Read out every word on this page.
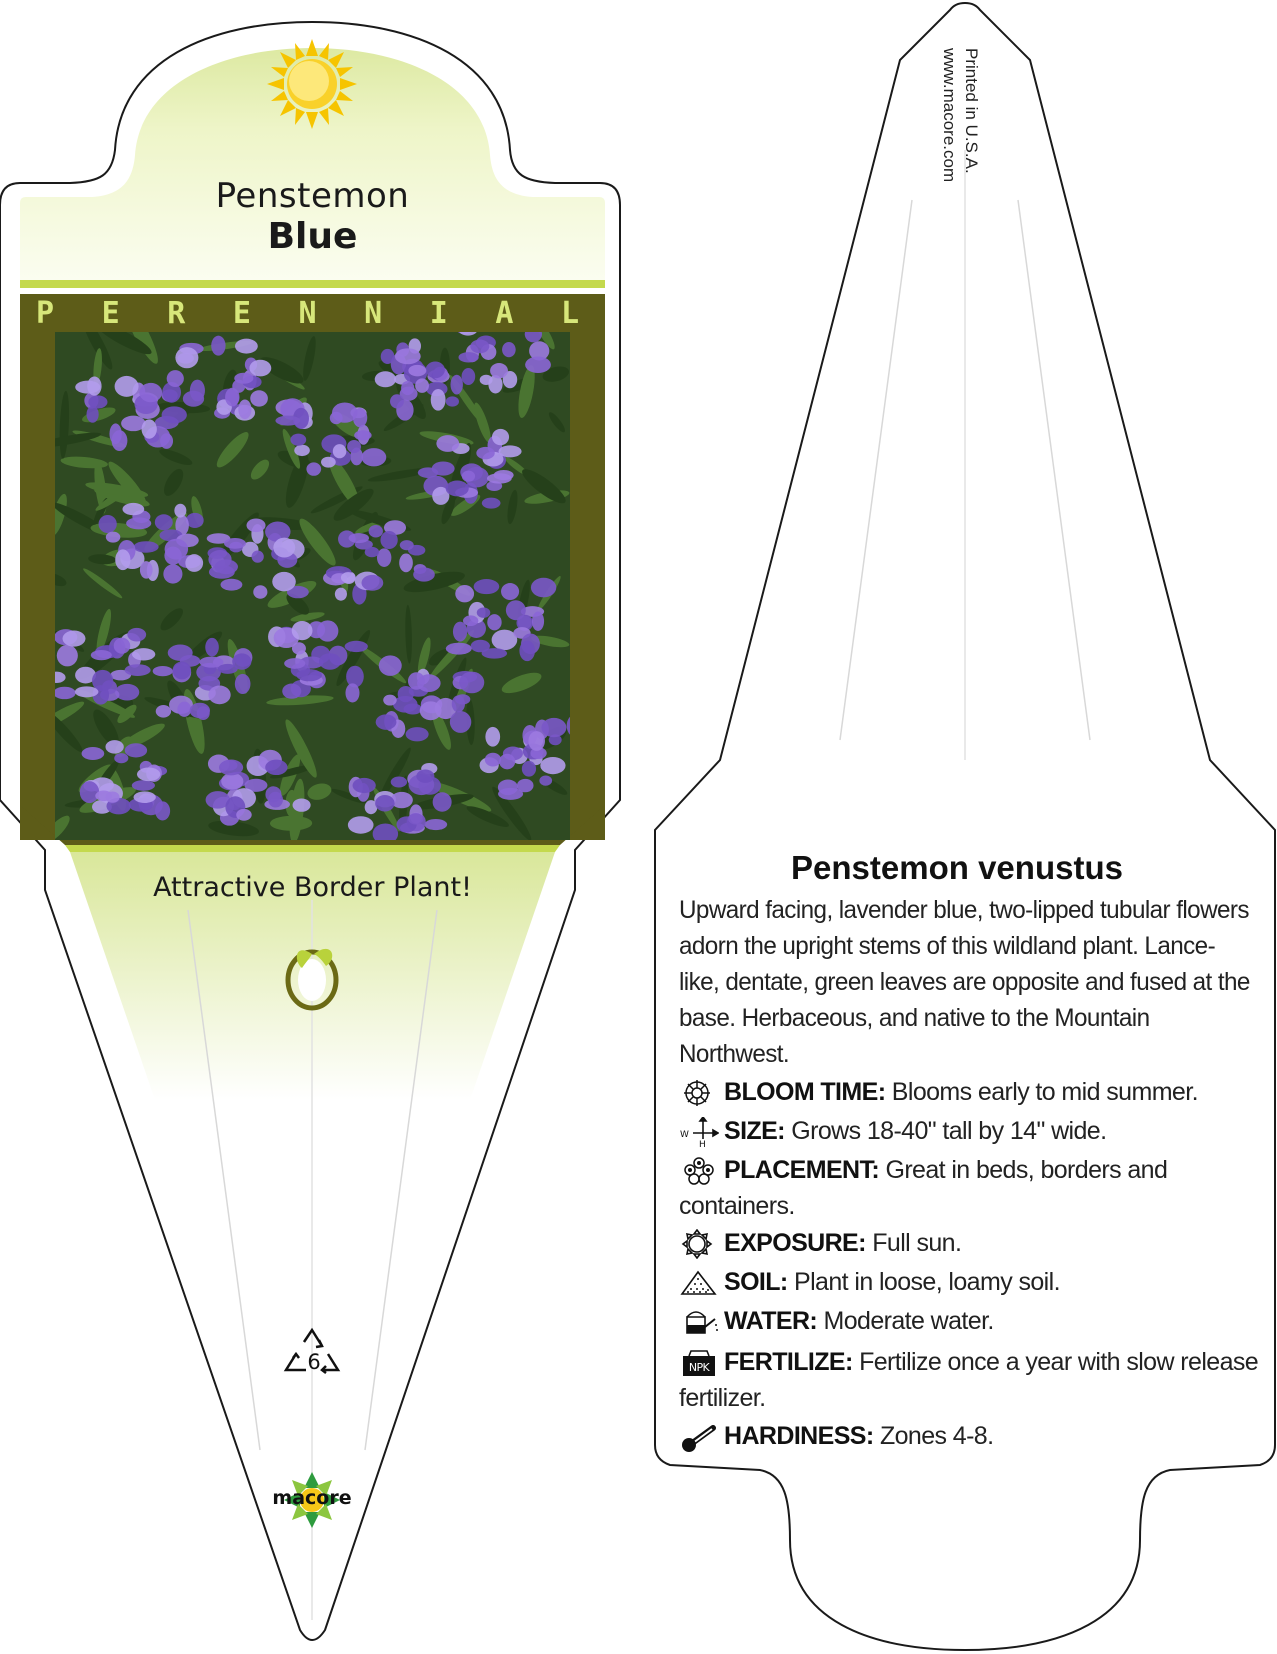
Penstemon
Blue
P E R E N N I A L
Attractive Border Plant!
6
macore
Printed in U.S.A.
www.macore.com
Penstemon venustus
Upward facing, lavender blue, two-lipped tubular flowers adorn the upright stems of this wildland plant. Lance-like, dentate, green leaves are opposite and fused at the base. Herbaceous, and native to the Mountain Northwest.
BLOOM TIME: Blooms early to mid summer.
W
H
SIZE: Grows 18-40" tall by 14" wide.
PLACEMENT: Great in beds, borders and containers.
EXPOSURE: Full sun.
SOIL: Plant in loose, loamy soil.
WATER: Moderate water.
NPK FERTILIZE: Fertilize once a year with slow release fertilizer.
HARDINESS: Zones 4-8.
